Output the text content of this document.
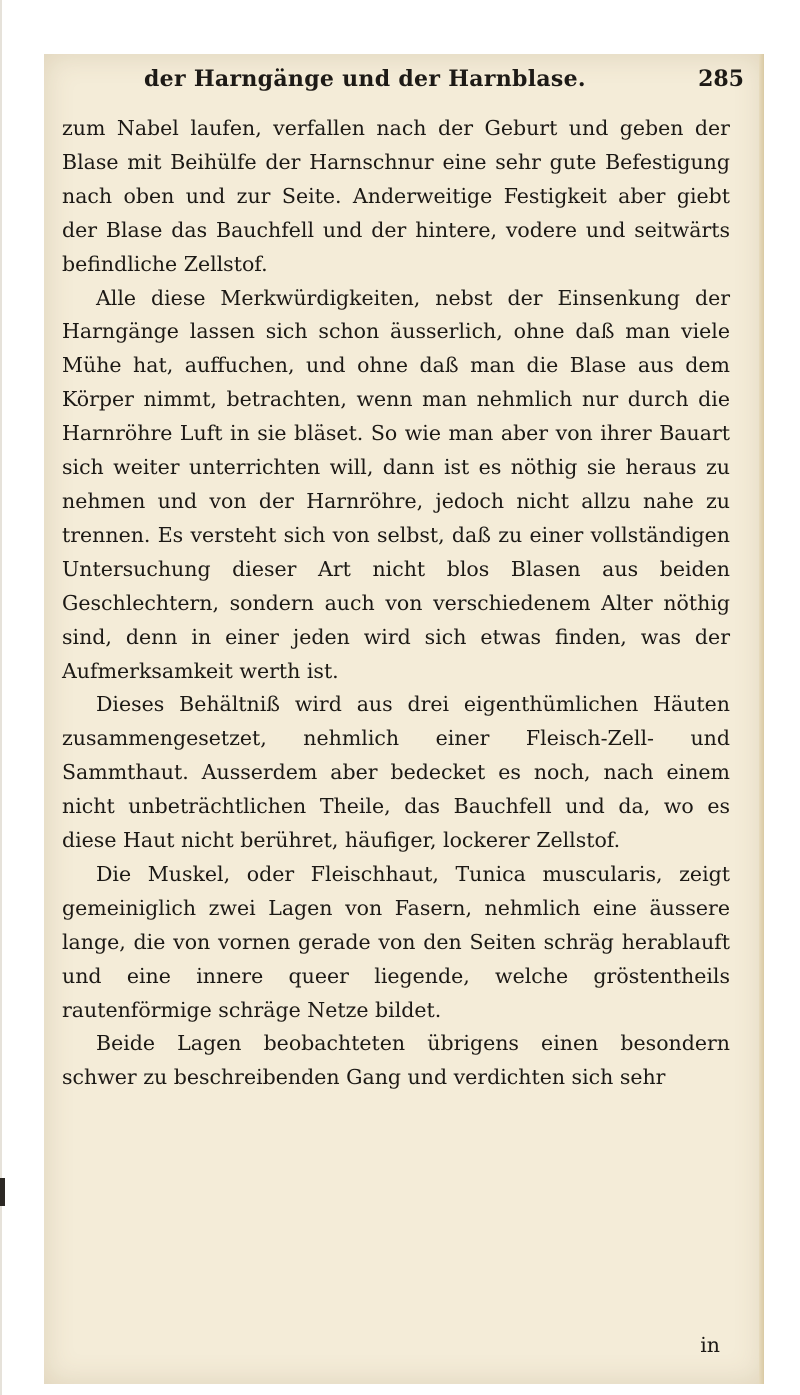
der Harngänge und der Harnblase.	285

zum Nabel laufen, verfallen nach der Geburt und geben der Blase mit Beihülfe der Harnschnur eine sehr gute Befestigung nach oben und zur Seite. Anderweitige Festigkeit aber giebt der Blase das Bauchfell und der hintere, vodere und seitwärts befindliche Zellstof.

Alle diese Merkwürdigkeiten, nebst der Einsenkung der Harngänge lassen sich schon äusserlich, ohne daß man viele Mühe hat, auffuchen, und ohne daß man die Blase aus dem Körper nimmt, betrachten, wenn man nehmlich nur durch die Harnröhre Luft in sie bläset. So wie man aber von ihrer Bauart sich weiter unterrichten will, dann ist es nöthig sie heraus zu nehmen und von der Harnröhre, jedoch nicht allzu nahe zu trennen. Es versteht sich von selbst, daß zu einer vollständigen Untersuchung dieser Art nicht blos Blasen aus beiden Geschlechtern, sondern auch von verschiedenem Alter nöthig sind, denn in einer jeden wird sich etwas finden, was der Aufmerksamkeit werth ist.

Dieses Behältniß wird aus drei eigenthümlichen Häuten zusammengesetzet, nehmlich einer Fleisch-Zell- und Sammthaut. Ausserdem aber bedecket es noch, nach einem nicht unbeträchtlichen Theile, das Bauchfell und da, wo es diese Haut nicht berühret, häufiger, lockerer Zellstof.

Die Muskel, oder Fleischhaut, Tunica muscularis, zeigt gemeiniglich zwei Lagen von Fasern, nehmlich eine äussere lange, die von vornen gerade von den Seiten schräg herablauft und eine innere queer liegende, welche gröstentheils rautenförmige schräge Netze bildet.

Beide Lagen beobachteten übrigens einen besondern schwer zu beschreibenden Gang und verdichten sich sehr

in
